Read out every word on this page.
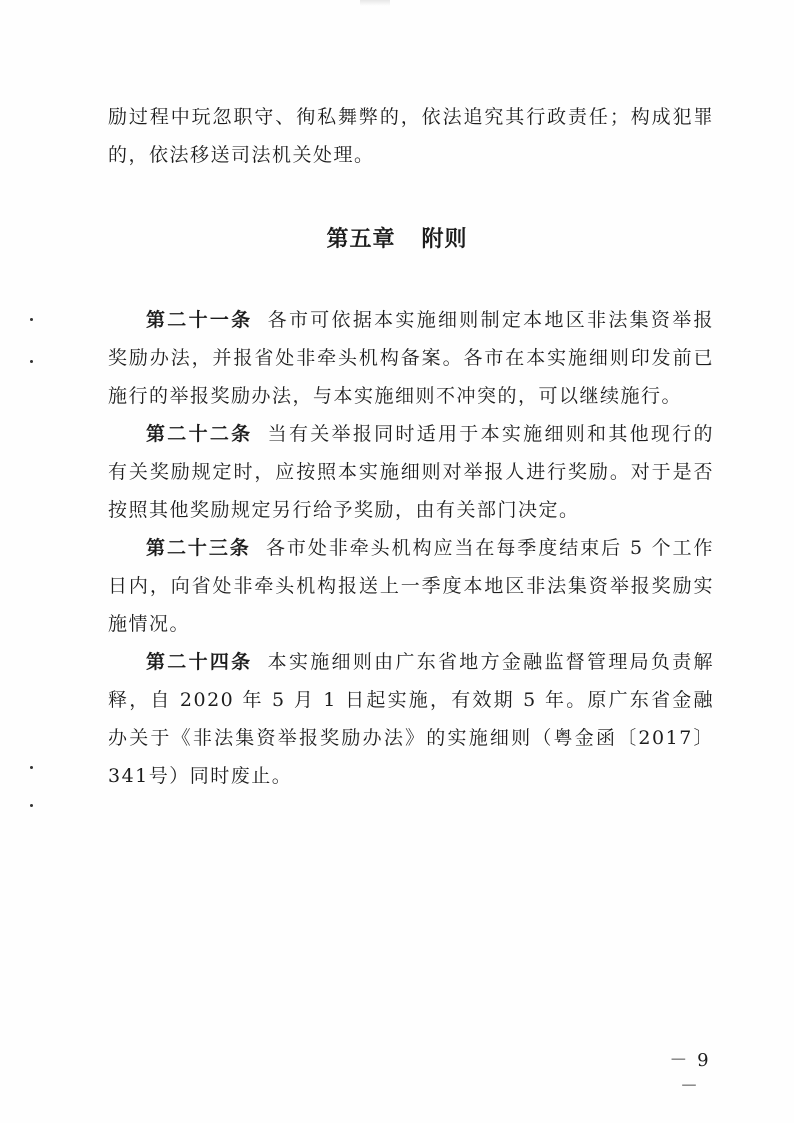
励过程中玩忽职守、徇私舞弊的，依法追究其行政责任；构成犯罪的，依法移送司法机关处理。

第五章 附则

第二十一条 各市可依据本实施细则制定本地区非法集资举报奖励办法，并报省处非牵头机构备案。各市在本实施细则印发前已施行的举报奖励办法，与本实施细则不冲突的，可以继续施行。

第二十二条 当有关举报同时适用于本实施细则和其他现行的有关奖励规定时，应按照本实施细则对举报人进行奖励。对于是否按照其他奖励规定另行给予奖励，由有关部门决定。

第二十三条 各市处非牵头机构应当在每季度结束后 5 个工作日内，向省处非牵头机构报送上一季度本地区非法集资举报奖励实施情况。

第二十四条 本实施细则由广东省地方金融监督管理局负责解释，自 2020 年 5 月 1 日起实施，有效期 5 年。原广东省金融办关于《非法集资举报奖励办法》的实施细则（粤金函〔2017〕341号）同时废止。

－ 9 －
